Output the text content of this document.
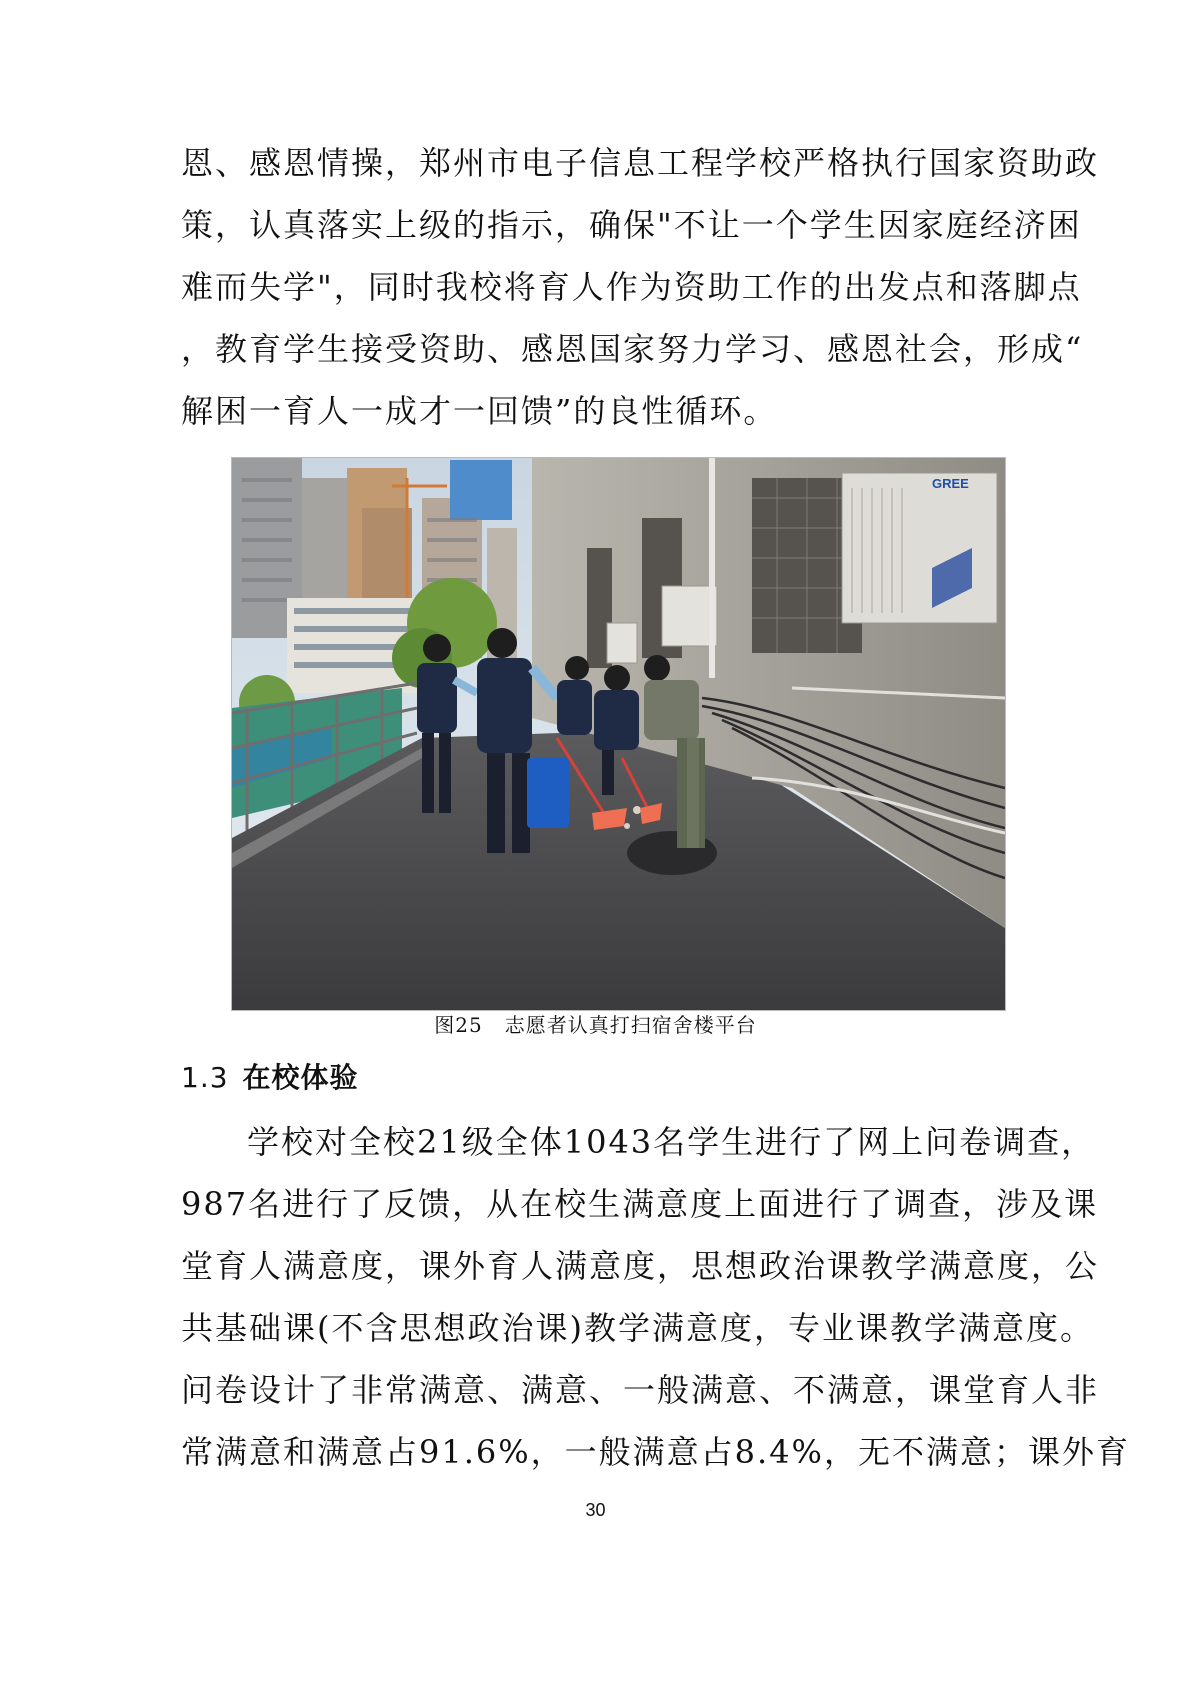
恩、感恩情操，郑州市电子信息工程学校严格执行国家资助政
策，认真落实上级的指示，确保"不让一个学生因家庭经济困
难而失学"，同时我校将育人作为资助工作的出发点和落脚点
，教育学生接受资助、感恩国家努力学习、感恩社会，形成“
解困一育人一成才一回馈”的良性循环。
GREE
图25 志愿者认真打扫宿舍楼平台
1.3 在校体验
学校对全校21级全体1043名学生进行了网上问卷调查，
987名进行了反馈，从在校生满意度上面进行了调查，涉及课
堂育人满意度，课外育人满意度，思想政治课教学满意度，公
共基础课(不含思想政治课)教学满意度，专业课教学满意度。
问卷设计了非常满意、满意、一般满意、不满意，课堂育人非
常满意和满意占91.6%，一般满意占8.4%，无不满意；课外育
30
